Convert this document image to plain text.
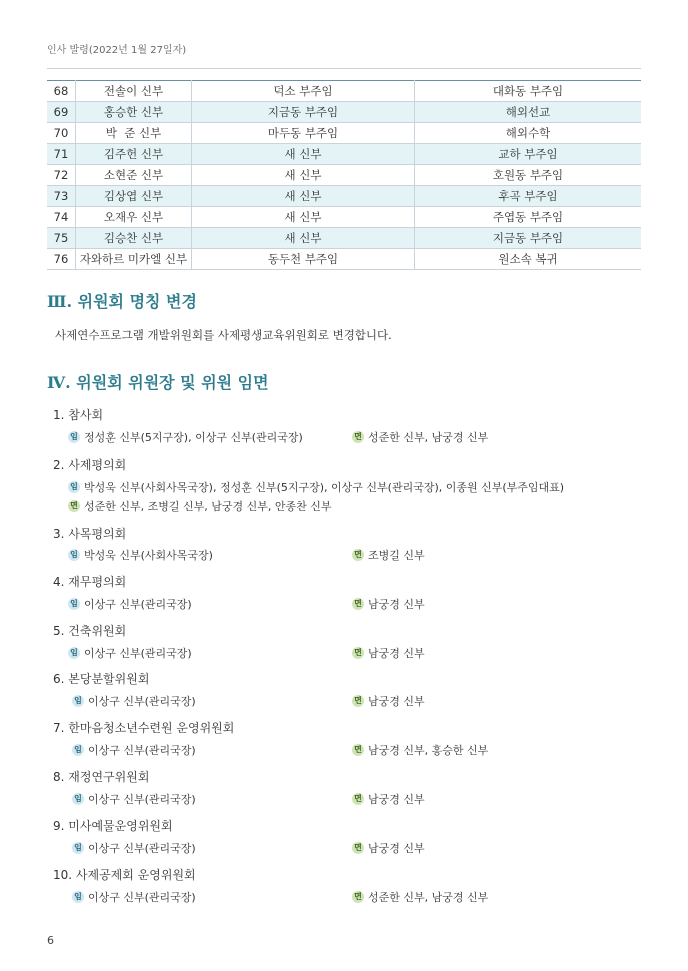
인사 발령(2022년 1월 27일자)
68	전솔이 신부	덕소 부주임	대화동 부주임
69	홍승한 신부	지금동 부주임	해외선교
70	박  준 신부	마두동 부주임	해외수학
71	김주헌 신부	새 신부	교하 부주임
72	소현준 신부	새 신부	호원동 부주임
73	김상엽 신부	새 신부	후곡 부주임
74	오재우 신부	새 신부	주엽동 부주임
75	김승찬 신부	새 신부	지금동 부주임
76	자와하르 미카엘 신부	동두천 부주임	원소속 복귀
Ⅲ. 위원회 명칭 변경
사제연수프로그램 개발위원회를 사제평생교육위원회로 변경합니다.
Ⅳ. 위원회 위원장 및 위원 임면
1. 참사회
임 정성훈 신부(5지구장), 이상구 신부(관리국장)	면 성준한 신부, 남궁경 신부
2. 사제평의회
임 박성욱 신부(사회사목국장), 정성훈 신부(5지구장), 이상구 신부(관리국장), 이종원 신부(부주임대표)
면 성준한 신부, 조병길 신부, 남궁경 신부, 안종찬 신부
3. 사목평의회
임 박성욱 신부(사회사목국장)	면 조병길 신부
4. 재무평의회
임 이상구 신부(관리국장)	면 남궁경 신부
5. 건축위원회
임 이상구 신부(관리국장)	면 남궁경 신부
6. 본당분할위원회
임 이상구 신부(관리국장)	면 남궁경 신부
7. 한마음청소년수련원 운영위원회
임 이상구 신부(관리국장)	면 남궁경 신부, 홍승한 신부
8. 재정연구위원회
임 이상구 신부(관리국장)	면 남궁경 신부
9. 미사예물운영위원회
임 이상구 신부(관리국장)	면 남궁경 신부
10. 사제공제회 운영위원회
임 이상구 신부(관리국장)	면 성준한 신부, 남궁경 신부
6
